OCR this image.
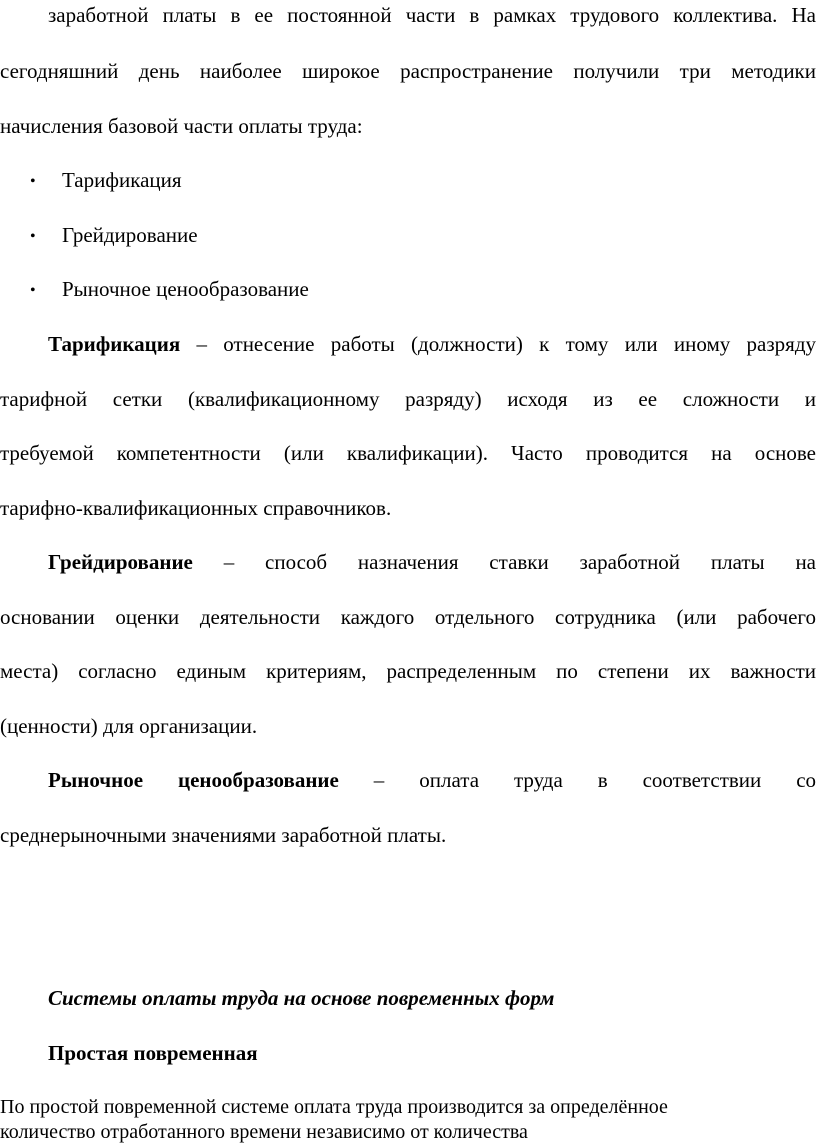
заработной платы в ее постоянной части в рамках трудового коллектива. На
сегодняшний день наиболее широкое распространение получили три методики
начисления базовой части оплаты труда:
• Тарификация
• Грейдирование
• Рыночное ценообразование
Тарификация – отнесение работы (должности) к тому или иному разряду
тарифной сетки (квалификационному разряду) исходя из ее сложности и
требуемой компетентности (или квалификации). Часто проводится на основе
тарифно-квалификационных справочников.
Грейдирование – способ назначения ставки заработной платы на
основании оценки деятельности каждого отдельного сотрудника (или рабочего
места) согласно единым критериям, распределенным по степени их важности
(ценности) для организации.
Рыночное ценообразование – оплата труда в соответствии со
среднерыночными значениями заработной платы.
Системы оплаты труда на основе повременных форм
Простая повременная
По простой повременной системе оплата труда производится за определённое
количество отработанного времени независимо от количества
